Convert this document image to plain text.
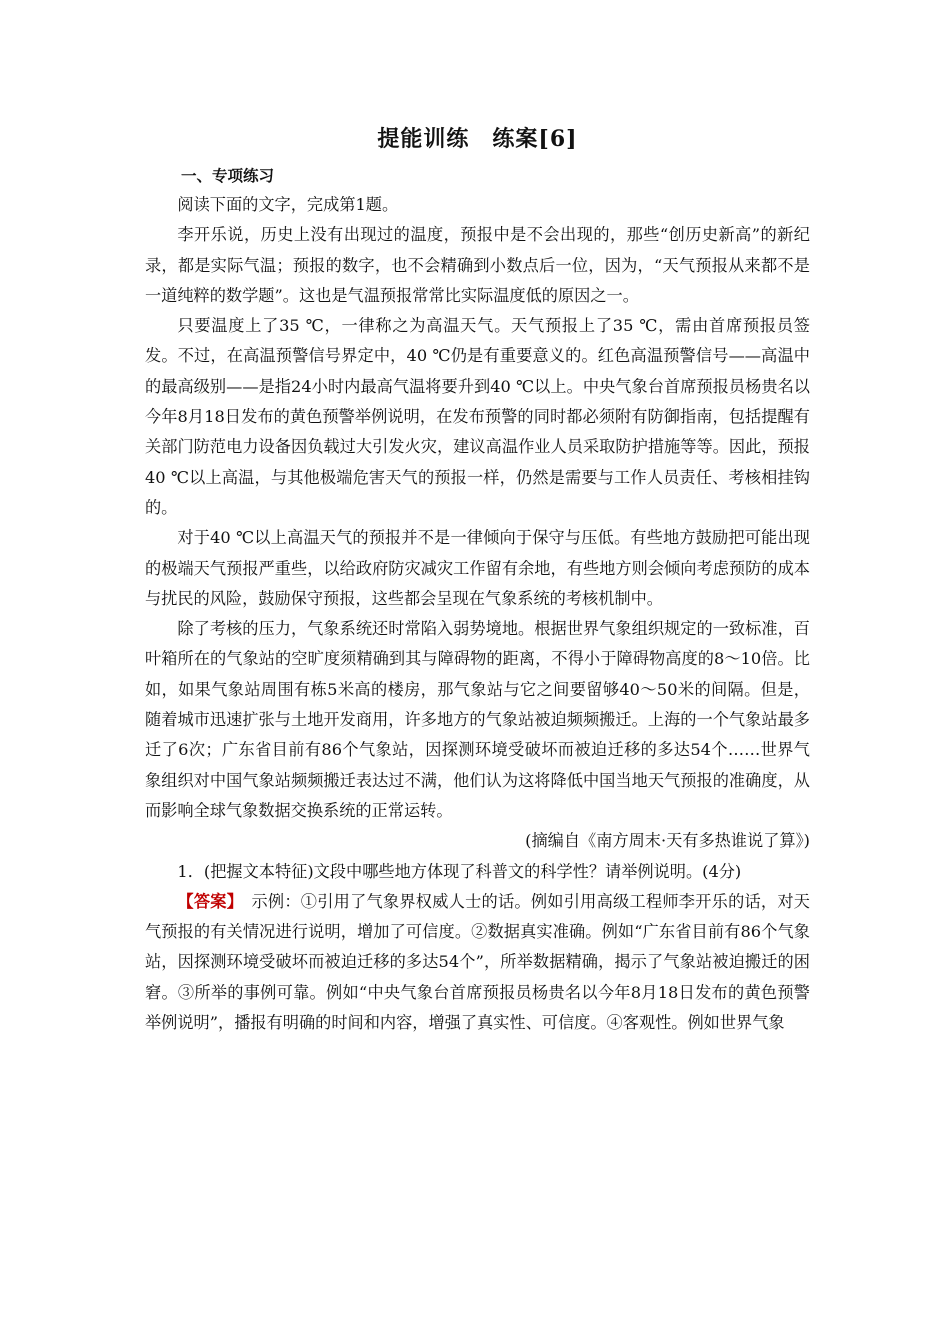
提能训练　练案[6]
一、专项练习

阅读下面的文字，完成第1题。

李开乐说，历史上没有出现过的温度，预报中是不会出现的，那些“创历史新高”的新纪录，都是实际气温；预报的数字，也不会精确到小数点后一位，因为，“天气预报从来都不是一道纯粹的数学题”。这也是气温预报常常比实际温度低的原因之一。

只要温度上了35 ℃，一律称之为高温天气。天气预报上了35 ℃，需由首席预报员签发。不过，在高温预警信号界定中，40 ℃仍是有重要意义的。红色高温预警信号——高温中的最高级别——是指24小时内最高气温将要升到40 ℃以上。中央气象台首席预报员杨贵名以今年8月18日发布的黄色预警举例说明，在发布预警的同时都必须附有防御指南，包括提醒有关部门防范电力设备因负载过大引发火灾，建议高温作业人员采取防护措施等等。因此，预报40 ℃以上高温，与其他极端危害天气的预报一样，仍然是需要与工作人员责任、考核相挂钩的。

对于40 ℃以上高温天气的预报并不是一律倾向于保守与压低。有些地方鼓励把可能出现的极端天气预报严重些，以给政府防灾减灾工作留有余地，有些地方则会倾向考虑预防的成本与扰民的风险，鼓励保守预报，这些都会呈现在气象系统的考核机制中。

除了考核的压力，气象系统还时常陷入弱势境地。根据世界气象组织规定的一致标准，百叶箱所在的气象站的空旷度须精确到其与障碍物的距离，不得小于障碍物高度的8～10倍。比如，如果气象站周围有栋5米高的楼房，那气象站与它之间要留够40～50米的间隔。但是，随着城市迅速扩张与土地开发商用，许多地方的气象站被迫频频搬迁。上海的一个气象站最多迁了6次；广东省目前有86个气象站，因探测环境受破坏而被迫迁移的多达54个……世界气象组织对中国气象站频频搬迁表达过不满，他们认为这将降低中国当地天气预报的准确度，从而影响全球气象数据交换系统的正常运转。

(摘编自《南方周末·天有多热谁说了算》)

1．(把握文本特征)文段中哪些地方体现了科普文的科学性？请举例说明。(4分)

【答案】　示例：①引用了气象界权威人士的话。例如引用高级工程师李开乐的话，对天气预报的有关情况进行说明，增加了可信度。②数据真实准确。例如“广东省目前有86个气象站，因探测环境受破坏而被迫迁移的多达54个”，所举数据精确，揭示了气象站被迫搬迁的困窘。③所举的事例可靠。例如“中央气象台首席预报员杨贵名以今年8月18日发布的黄色预警举例说明”，播报有明确的时间和内容，增强了真实性、可信度。④客观性。例如世界气象
